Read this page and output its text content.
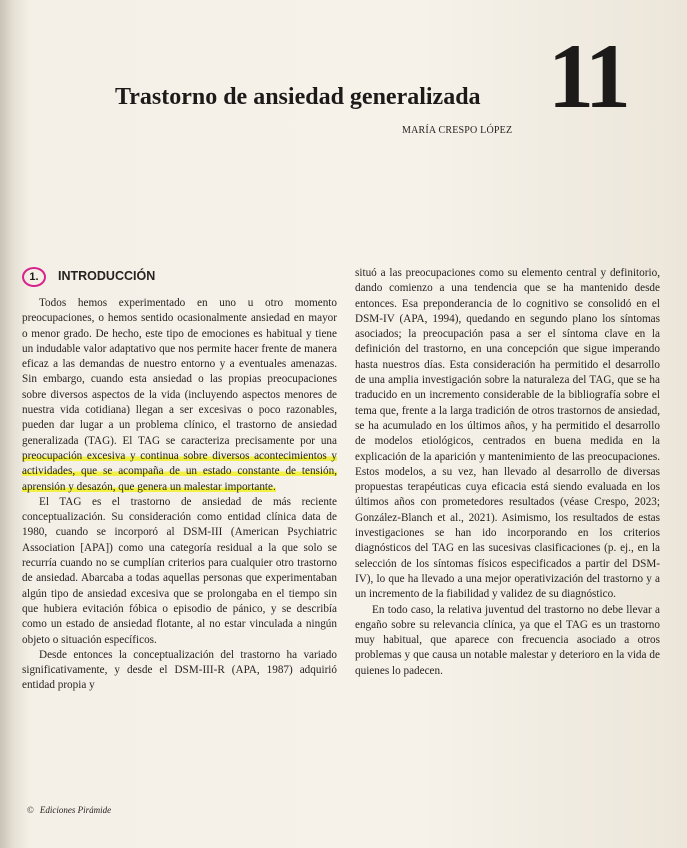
11
Trastorno de ansiedad generalizada
MARÍA CRESPO LÓPEZ
1. INTRODUCCIÓN

Todos hemos experimentado en uno u otro momento preocupaciones, o hemos sentido ocasionalmente ansiedad en mayor o menor grado. De hecho, este tipo de emociones es habitual y tiene un indudable valor adaptativo que nos permite hacer frente de manera eficaz a las demandas de nuestro entorno y a eventuales amenazas. Sin embargo, cuando esta ansiedad o las propias preocupaciones sobre diversos aspectos de la vida (incluyendo aspectos menores de nuestra vida cotidiana) llegan a ser excesivas o poco razonables, pueden dar lugar a un problema clínico, el trastorno de ansiedad generalizada (TAG). El TAG se caracteriza precisamente por una preocupación excesiva y continua sobre diversos acontecimientos y actividades, que se acompaña de un estado constante de tensión, aprensión y desazón, que genera un malestar importante.

El TAG es el trastorno de ansiedad de más reciente conceptualización. Su consideración como entidad clínica data de 1980, cuando se incorporó al DSM-III (American Psychiatric Association [APA]) como una categoría residual a la que solo se recurría cuando no se cumplían criterios para cualquier otro trastorno de ansiedad. Abarcaba a todas aquellas personas que experimentaban algún tipo de ansiedad excesiva que se prolongaba en el tiempo sin que hubiera evitación fóbica o episodio de pánico, y se describía como un estado de ansiedad flotante, al no estar vinculada a ningún objeto o situación específicos.

Desde entonces la conceptualización del trastorno ha variado significativamente, y desde el DSM-III-R (APA, 1987) adquirió entidad propia y

situó a las preocupaciones como su elemento central y definitorio, dando comienzo a una tendencia que se ha mantenido desde entonces. Esa preponderancia de lo cognitivo se consolidó en el DSM-IV (APA, 1994), quedando en segundo plano los síntomas asociados; la preocupación pasa a ser el síntoma clave en la definición del trastorno, en una concepción que sigue imperando hasta nuestros días. Esta consideración ha permitido el desarrollo de una amplia investigación sobre la naturaleza del TAG, que se ha traducido en un incremento considerable de la bibliografía sobre el tema que, frente a la larga tradición de otros trastornos de ansiedad, se ha acumulado en los últimos años, y ha permitido el desarrollo de modelos etiológicos, centrados en buena medida en la explicación de la aparición y mantenimiento de las preocupaciones. Estos modelos, a su vez, han llevado al desarrollo de diversas propuestas terapéuticas cuya eficacia está siendo evaluada en los últimos años con prometedores resultados (véase Crespo, 2023; González-Blanch et al., 2021). Asimismo, los resultados de estas investigaciones se han ido incorporando en los criterios diagnósticos del TAG en las sucesivas clasificaciones (p. ej., en la selección de los síntomas físicos especificados a partir del DSM-IV), lo que ha llevado a una mejor operativización del trastorno y a un incremento de la fiabilidad y validez de su diagnóstico.

En todo caso, la relativa juventud del trastorno no debe llevar a engaño sobre su relevancia clínica, ya que el TAG es un trastorno muy habitual, que aparece con frecuencia asociado a otros problemas y que causa un notable malestar y deterioro en la vida de quienes lo padecen.

© Ediciones Pirámide
